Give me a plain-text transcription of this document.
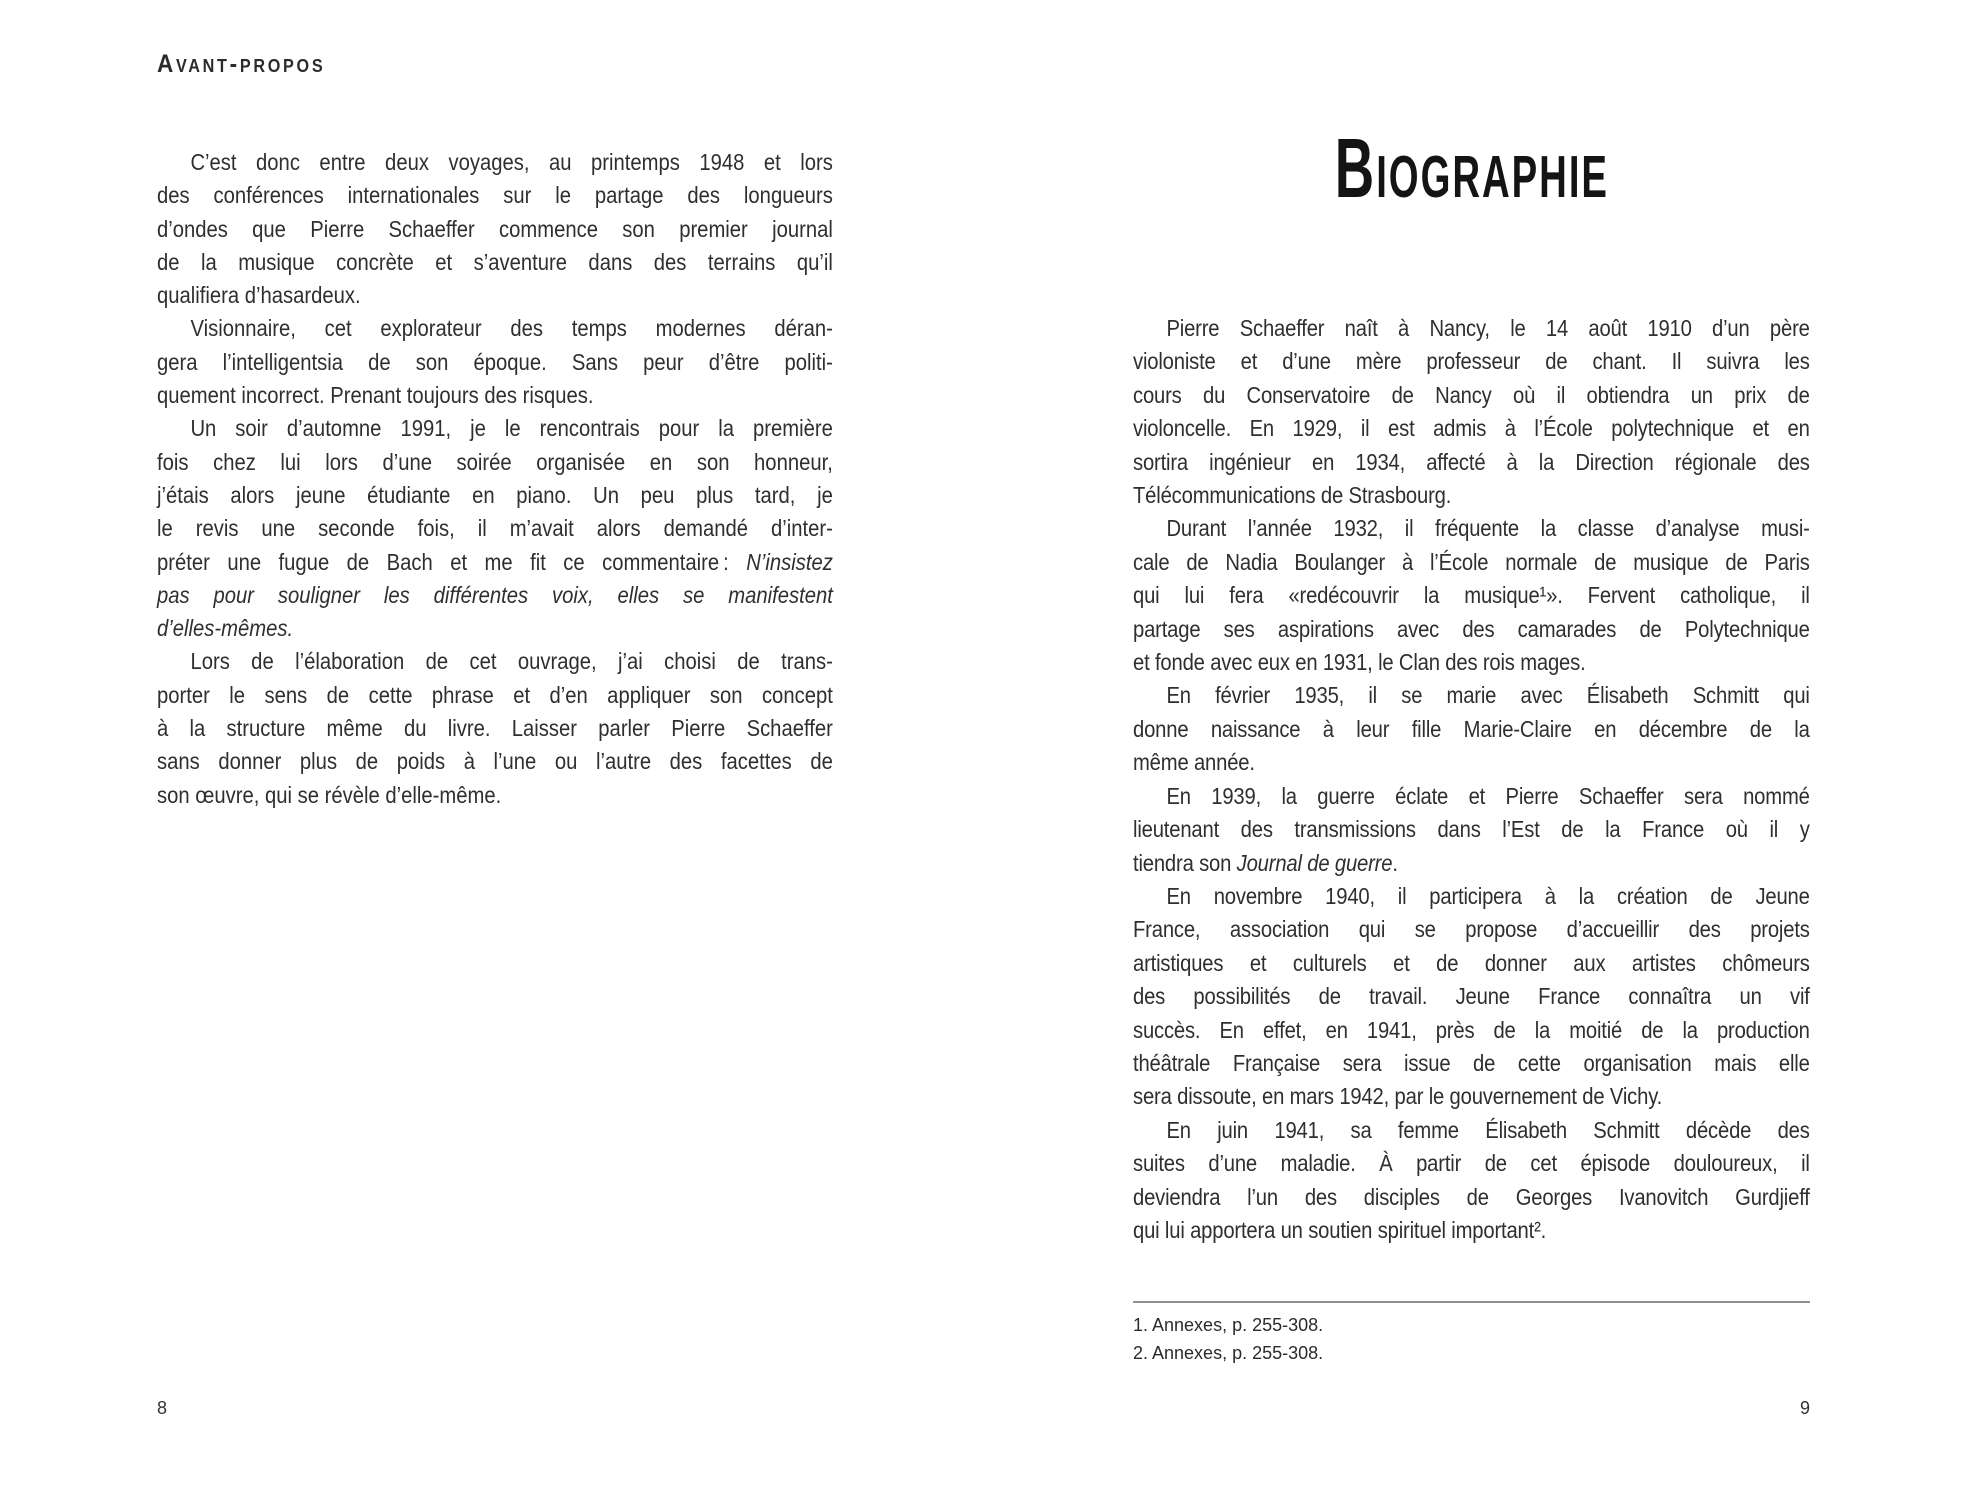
Avant-propos
C’est donc entre deux voyages, au printemps 1948 et lors
des conférences internationales sur le partage des longueurs
d’ondes que Pierre Schaeffer commence son premier journal
de la musique concrète et s’aventure dans des terrains qu’il
qualifiera d’hasardeux.
Visionnaire, cet explorateur des temps modernes déran-
gera l’intelligentsia de son époque. Sans peur d’être politi-
quement incorrect. Prenant toujours des risques.
Un soir d’automne 1991, je le rencontrais pour la première
fois chez lui lors d’une soirée organisée en son honneur,
j’étais alors jeune étudiante en piano. Un peu plus tard, je
le revis une seconde fois, il m’avait alors demandé d’inter-
préter une fugue de Bach et me fit ce commentaire : N’insistez
pas pour souligner les différentes voix, elles se manifestent
d’elles-mêmes.
Lors de l’élaboration de cet ouvrage, j’ai choisi de trans-
porter le sens de cette phrase et d’en appliquer son concept
à la structure même du livre. Laisser parler Pierre Schaeffer
sans donner plus de poids à l’une ou l’autre des facettes de
son œuvre, qui se révèle d’elle-même.
8
Biographie
Pierre Schaeffer naît à Nancy, le 14 août 1910 d’un père
violoniste et d’une mère professeur de chant. Il suivra les
cours du Conservatoire de Nancy où il obtiendra un prix de
violoncelle. En 1929, il est admis à l’École polytechnique et en
sortira ingénieur en 1934, affecté à la Direction régionale des
Télécommunications de Strasbourg.
Durant l’année 1932, il fréquente la classe d’analyse musi-
cale de Nadia Boulanger à l’École normale de musique de Paris
qui lui fera «redécouvrir la musique¹». Fervent catholique, il
partage ses aspirations avec des camarades de Polytechnique
et fonde avec eux en 1931, le Clan des rois mages.
En février 1935, il se marie avec Élisabeth Schmitt qui
donne naissance à leur fille Marie-Claire en décembre de la
même année.
En 1939, la guerre éclate et Pierre Schaeffer sera nommé
lieutenant des transmissions dans l’Est de la France où il y
tiendra son Journal de guerre.
En novembre 1940, il participera à la création de Jeune
France, association qui se propose d’accueillir des projets
artistiques et culturels et de donner aux artistes chômeurs
des possibilités de travail. Jeune France connaîtra un vif
succès. En effet, en 1941, près de la moitié de la production
théâtrale Française sera issue de cette organisation mais elle
sera dissoute, en mars 1942, par le gouvernement de Vichy.
En juin 1941, sa femme Élisabeth Schmitt décède des
suites d’une maladie. À partir de cet épisode douloureux, il
deviendra l’un des disciples de Georges Ivanovitch Gurdjieff
qui lui apportera un soutien spirituel important².
1. Annexes, p. 255-308.
2. Annexes, p. 255-308.
9
